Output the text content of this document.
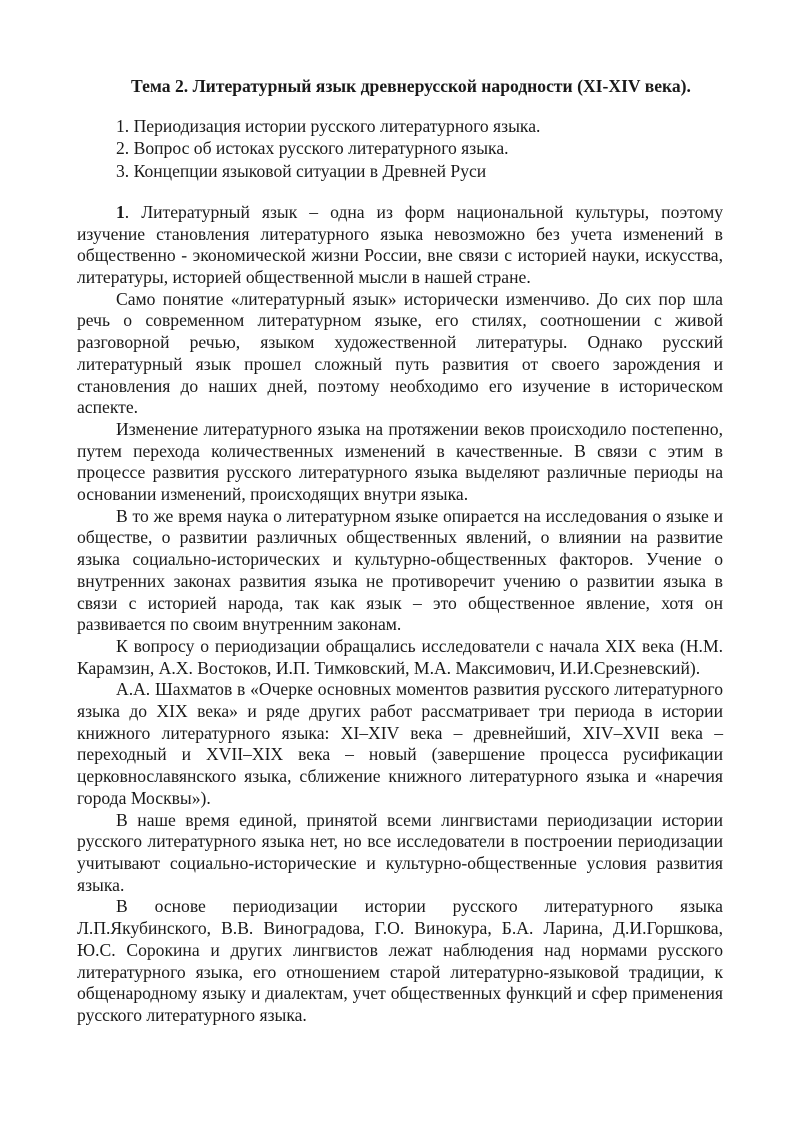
Тема 2. Литературный язык древнерусской народности (XI-XIV века).
1. Периодизация истории русского литературного языка.
2. Вопрос об истоках русского литературного языка.
3. Концепции языковой ситуации в Древней Руси

1. Литературный язык – одна из форм национальной культуры, поэтому изучение становления литературного языка невозможно без учета изменений в общественно - экономической жизни России, вне связи с историей науки, искусства, литературы, историей общественной мысли в нашей стране.

Само понятие «литературный язык» исторически изменчиво. До сих пор шла речь о современном литературном языке, его стилях, соотношении с живой разговорной речью, языком художественной литературы. Однако русский литературный язык прошел сложный путь развития от своего зарождения и становления до наших дней, поэтому необходимо его изучение в историческом аспекте.

Изменение литературного языка на протяжении веков происходило постепенно, путем перехода количественных изменений в качественные. В связи с этим в процессе развития русского литературного языка выделяют различные периоды на основании изменений, происходящих внутри языка.

В то же время наука о литературном языке опирается на исследования о языке и обществе, о развитии различных общественных явлений, о влиянии на развитие языка социально-исторических и культурно-общественных факторов. Учение о внутренних законах развития языка не противоречит учению о развитии языка в связи с историей народа, так как язык – это общественное явление, хотя он развивается по своим внутренним законам.

К вопросу о периодизации обращались исследователи с начала XIX века (Н.М. Карамзин, А.Х. Востоков, И.П. Тимковский, М.А. Максимович, И.И.Срезневский).

А.А. Шахматов в «Очерке основных моментов развития русского литературного языка до XIX века» и ряде других работ рассматривает три периода в истории книжного литературного языка: XI–XIV века – древнейший, XIV–XVII века – переходный и XVII–XIX века – новый (завершение процесса русификации церковнославянского языка, сближение книжного литературного языка и «наречия города Москвы»).

В наше время единой, принятой всеми лингвистами периодизации истории русского литературного языка нет, но все исследователи в построении периодизации учитывают социально-исторические и культурно-общественные условия развития языка.

В основе периодизации истории русского литературного языка Л.П.Якубинского, В.В. Виноградова, Г.О. Винокура, Б.А. Ларина, Д.И.Горшкова, Ю.С. Сорокина и других лингвистов лежат наблюдения над нормами русского литературного языка, его отношением старой литературно-языковой традиции, к общенародному языку и диалектам, учет общественных функций и сфер применения русского литературного языка.
